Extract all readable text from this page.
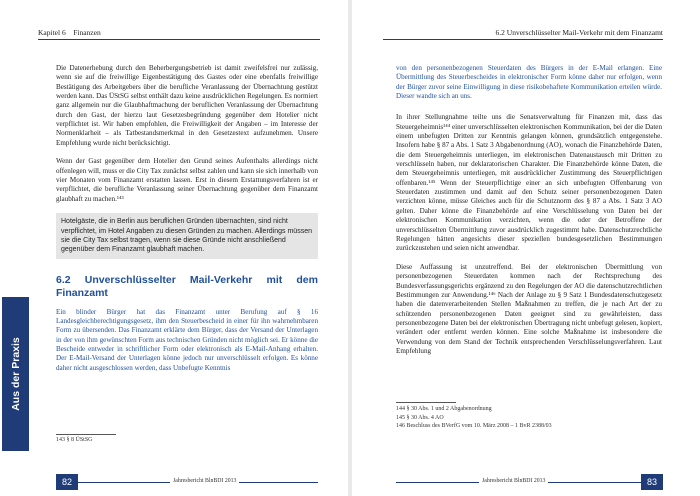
Kapitel 6 Finanzen

Die Datenerhebung durch den Beherbergungsbetrieb ist damit zweifelsfrei nur zulässig, wenn sie auf die freiwillige Eigenbestätigung des Gastes oder eine ebenfalls freiwillige Bestätigung des Arbeitgebers über die berufliche Veranlassung der Übernachtung gestützt werden kann. Das ÜStSG selbst enthält dazu keine ausdrücklichen Regelungen. Es normiert ganz allgemein nur die Glaubhaftmachung der beruflichen Veranlassung der Übernachtung durch den Gast, der hierzu laut Gesetzesbegründung gegenüber dem Hotelier nicht verpflichtet ist. Wir haben empfohlen, die Freiwilligkeit der Angaben – im Interesse der Normenklarheit – als Tatbestandsmerkmal in den Gesetzestext aufzunehmen. Unsere Empfehlung wurde nicht berücksichtigt.

Wenn der Gast gegenüber dem Hotelier den Grund seines Aufenthalts allerdings nicht offenlegen will, muss er die City Tax zunächst selbst zahlen und kann sie sich innerhalb von vier Monaten vom Finanzamt erstatten lassen. Erst in diesem Erstattungsverfahren ist er verpflichtet, die berufliche Veranlassung seiner Übernachtung gegenüber dem Finanzamt glaubhaft zu machen.¹⁴³

Hotelgäste, die in Berlin aus beruflichen Gründen übernachten, sind nicht verpflichtet, im Hotel Angaben zu diesen Gründen zu machen. Allerdings müssen sie die City Tax selbst tragen, wenn sie diese Gründe nicht anschließend gegenüber dem Finanzamt glaubhaft machen.
6.2 Unverschlüsselter Mail-Verkehr mit dem Finanzamt

Ein blinder Bürger hat das Finanzamt unter Berufung auf § 16 Landesgleichberechtigungsgesetz, ihm den Steuerbescheid in einer für ihn wahrnehmbaren Form zu übersenden. Das Finanzamt erklärte dem Bürger, dass der Versand der Unterlagen in der von ihm gewünschten Form aus technischen Gründen nicht möglich sei. Er könne die Bescheide entweder in schriftlicher Form oder elektronisch als E-Mail-Anhang erhalten. Der E-Mail-Versand der Unterlagen könne jedoch nur unverschlüsselt erfolgen. Es könne daher nicht ausgeschlossen werden, dass Unbefugte Kenntnis

143 § 8 ÜStSG
Aus der Praxis
82	Jahresbericht BlnBDI 2013
6.2 Unverschlüsselter Mail-Verkehr mit dem Finanzamt

von den personenbezogenen Steuerdaten des Bürgers in der E-Mail erlangen. Eine Übermittlung des Steuerbescheides in elektronischer Form könne daher nur erfolgen, wenn der Bürger zuvor seine Einwilligung in diese risikobehaftete Kommunikation erteilen würde. Dieser wandte sich an uns.

In ihrer Stellungnahme teilte uns die Senatsverwaltung für Finanzen mit, dass das Steuergeheimnis¹⁴⁴ einer unverschlüsselten elektronischen Kommunikation, bei der die Daten einem unbefugten Dritten zur Kenntnis gelangen können, grundsätzlich entgegenstehe. Insofern habe § 87 a Abs. 1 Satz 3 Abgabenordnung (AO), wonach die Finanzbehörde Daten, die dem Steuergeheimnis unterliegen, im elektronischen Datenaustausch mit Dritten zu verschlüsseln haben, nur deklaratorischen Charakter. Die Finanzbehörde könne Daten, die dem Steuergeheimnis unterliegen, mit ausdrücklicher Zustimmung des Steuerpflichtigen offenbaren.¹⁴⁵ Wenn der Steuerpflichtige einer an sich unbefugten Offenbarung von Steuerdaten zustimmen und damit auf den Schutz seiner personenbezogenen Daten verzichten könne, müsse Gleiches auch für die Schutznorm des § 87 a Abs. 1 Satz 3 AO gelten. Daher könne die Finanzbehörde auf eine Verschlüsselung von Daten bei der elektronischen Kommunikation verzichten, wenn die oder der Betroffene der unverschlüsselten Übermittlung zuvor ausdrücklich zugestimmt habe. Datenschutzrechtliche Regelungen hätten angesichts dieser speziellen bundesgesetzlichen Bestimmungen zurückzustehen und seien nicht anwendbar.

Diese Auffassung ist unzutreffend. Bei der elektronischen Übermittlung von personenbezogenen Steuerdaten kommen nach der Rechtsprechung des Bundesverfassungsgerichts ergänzend zu den Regelungen der AO die datenschutzrechtlichen Bestimmungen zur Anwendung.¹⁴⁶ Nach der Anlage zu § 9 Satz 1 Bundesdatenschutzgesetz haben die datenverarbeitenden Stellen Maßnahmen zu treffen, die je nach Art der zu schützenden personenbezogenen Daten geeignet sind zu gewährleisten, dass personenbezogene Daten bei der elektronischen Übertragung nicht unbefugt gelesen, kopiert, verändert oder entfernt werden können. Eine solche Maßnahme ist insbesondere die Verwendung von dem Stand der Technik entsprechenden Verschlüsselungsverfahren. Laut Empfehlung

144 § 30 Abs. 1 und 2 Abgabenordnung
145 § 30 Abs. 4 AO
146 Beschluss des BVerfG vom 10. März 2008 – 1 BvR 2388/03
83
Jahresbericht BlnBDI 2013
